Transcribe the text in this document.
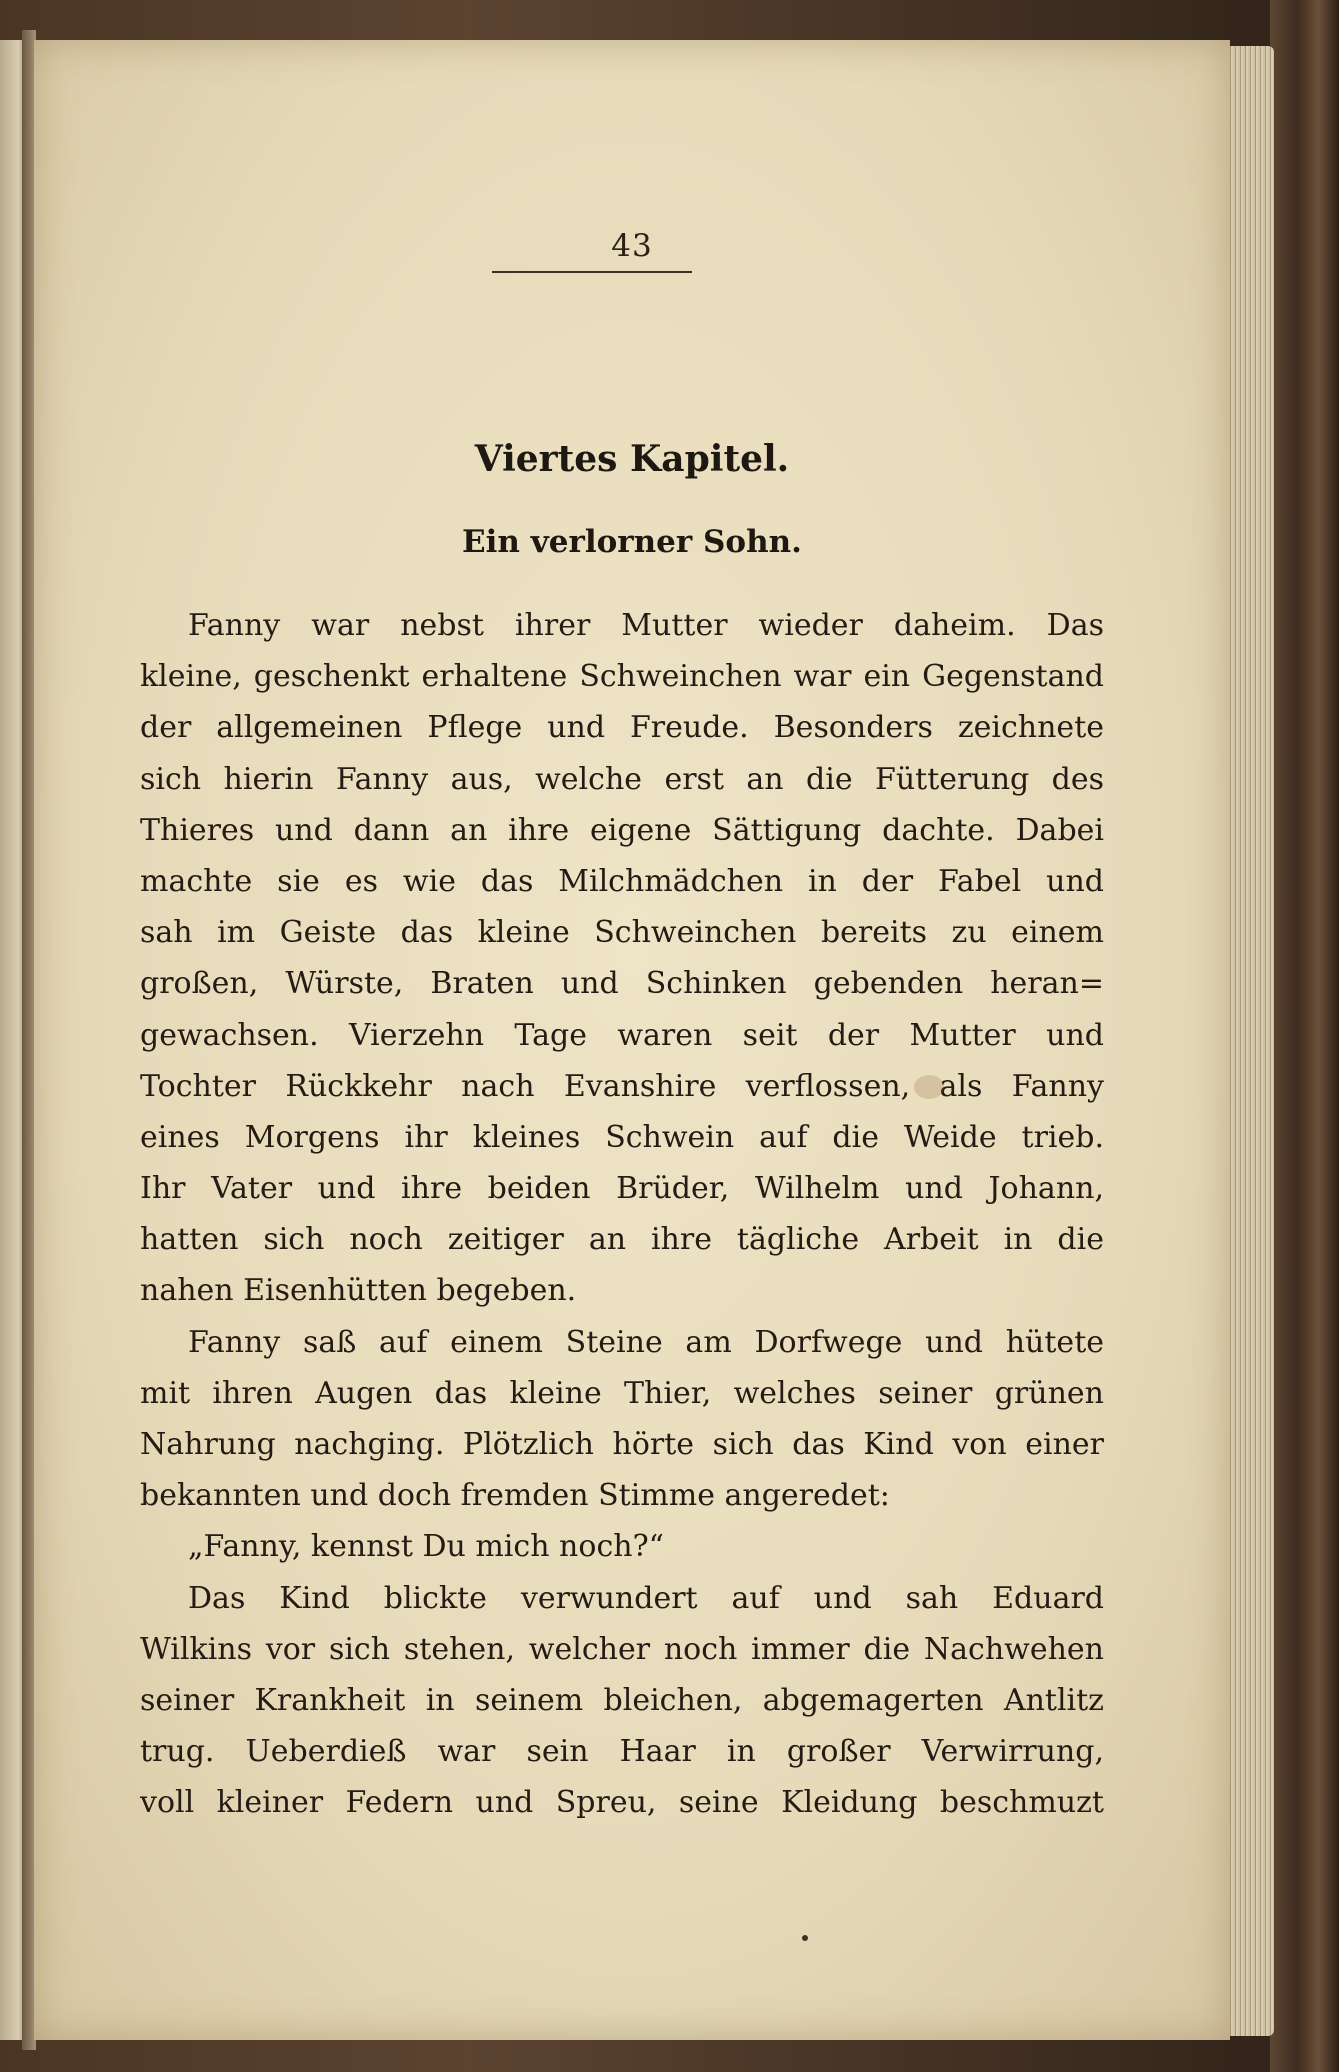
43
Viertes Kapitel.
Ein verlorner Sohn.
Fanny war nebst ihrer Mutter wieder daheim. Das
kleine, geschenkt erhaltene Schweinchen war ein Gegenstand
der allgemeinen Pflege und Freude. Besonders zeichnete
sich hierin Fanny aus, welche erst an die Fütterung des
Thieres und dann an ihre eigene Sättigung dachte. Dabei
machte sie es wie das Milchmädchen in der Fabel und
sah im Geiste das kleine Schweinchen bereits zu einem
großen, Würste, Braten und Schinken gebenden heran=
gewachsen. Vierzehn Tage waren seit der Mutter und
Tochter Rückkehr nach Evanshire verflossen, als Fanny
eines Morgens ihr kleines Schwein auf die Weide trieb.
Ihr Vater und ihre beiden Brüder, Wilhelm und Johann,
hatten sich noch zeitiger an ihre tägliche Arbeit in die
nahen Eisenhütten begeben.
Fanny saß auf einem Steine am Dorfwege und hütete
mit ihren Augen das kleine Thier, welches seiner grünen
Nahrung nachging. Plötzlich hörte sich das Kind von einer
bekannten und doch fremden Stimme angeredet:
„Fanny, kennst Du mich noch?“
Das Kind blickte verwundert auf und sah Eduard
Wilkins vor sich stehen, welcher noch immer die Nachwehen
seiner Krankheit in seinem bleichen, abgemagerten Antlitz
trug. Ueberdieß war sein Haar in großer Verwirrung,
voll kleiner Federn und Spreu, seine Kleidung beschmuzt
